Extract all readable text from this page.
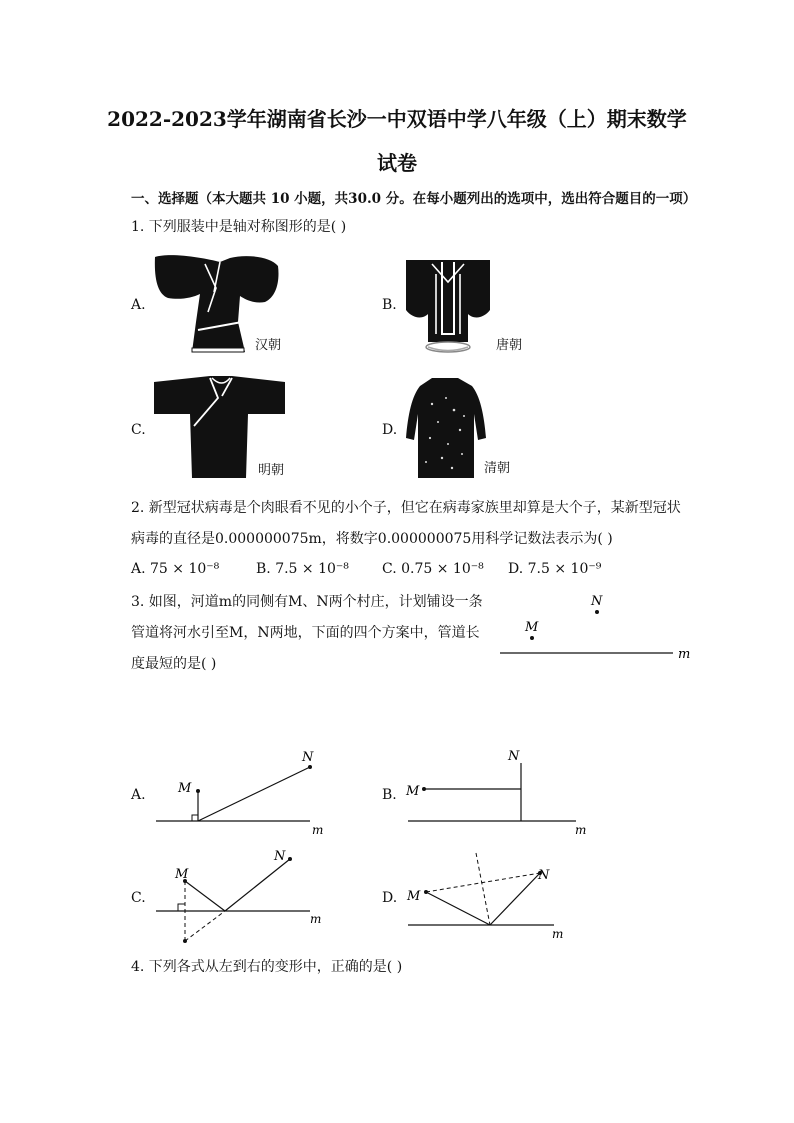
2022-2023学年湖南省长沙一中双语中学八年级（上）期末数学
试卷
一、选择题（本大题共 10 小题，共30.0 分。在每小题列出的选项中，选出符合题目的一项）
1. 下列服装中是轴对称图形的是( )
A.	B.
C.	D.
汉朝	唐朝
明朝	清朝
2. 新型冠状病毒是个肉眼看不见的小个子，但它在病毒家族里却算是大个子，某新型冠状
病毒的直径是0.000000075m，将数字0.000000075用科学记数法表示为( )
A. 75 × 10⁻⁸	B. 7.5 × 10⁻⁸ C. 0.75 × 10⁻⁸ D. 7.5 × 10⁻⁹
3. 如图，河道m的同侧有M、N两个村庄，计划铺设一条
管道将河水引至M，N两地，下面的四个方案中，管道长
度最短的是( )
M
N
m
A.	B.
C.	D.
M
N
m
M
N
m
M
N
m
M
N
m
4. 下列各式从左到右的变形中，正确的是( )
